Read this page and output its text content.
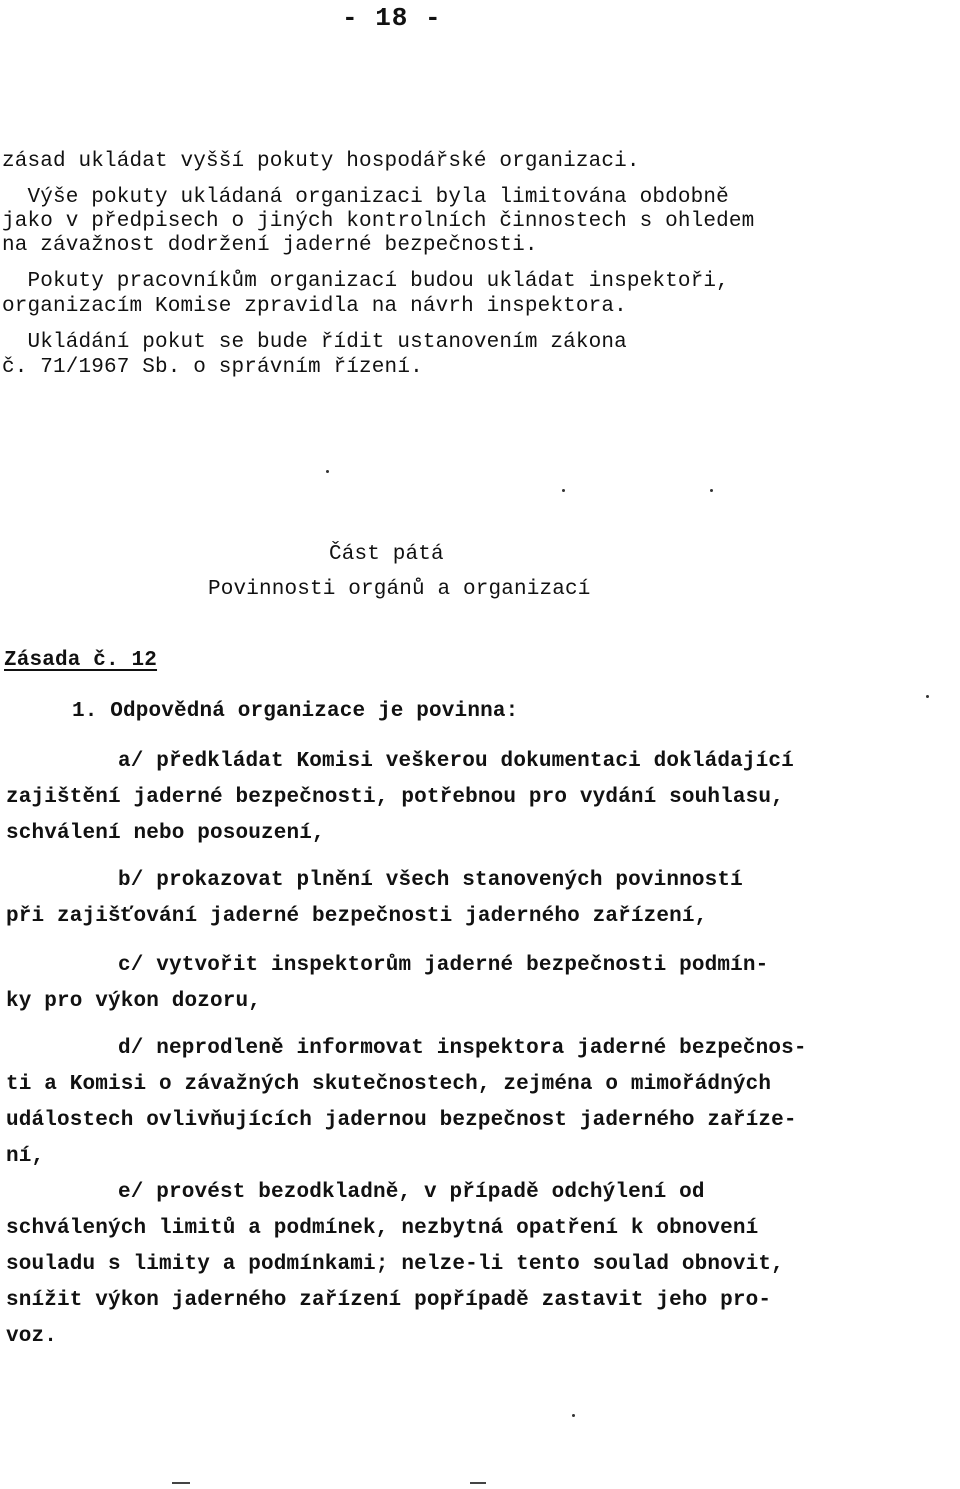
- 18 -
zásad ukládat vyšší pokuty hospodářské organizaci.
Výše pokuty ukládaná organizaci byla limitována obdobně
jako v předpisech o jiných kontrolních činnostech s ohledem
na závažnost dodržení jaderné bezpečnosti.
Pokuty pracovníkům organizací budou ukládat inspektoři,
organizacím Komise zpravidla na návrh inspektora.
Ukládání pokut se bude řídit ustanovením zákona
č. 71/1967 Sb. o správním řízení.
Část pátá
Povinnosti orgánů a organizací
Zásada č. 12
1. Odpovědná organizace je povinna:
a/ předkládat Komisi veškerou dokumentaci dokládající
zajištění jaderné bezpečnosti, potřebnou pro vydání souhlasu,
schválení nebo posouzení,
b/ prokazovat plnění všech stanovených povinností
při zajišťování jaderné bezpečnosti jaderného zařízení,
c/ vytvořit inspektorům jaderné bezpečnosti podmín-
ky pro výkon dozoru,
d/ neprodleně informovat inspektora jaderné bezpečnos-
ti a Komisi o závažných skutečnostech, zejména o mimořádných
událostech ovlivňujících jadernou bezpečnost jaderného zaříze-
ní,
e/ provést bezodkladně, v případě odchýlení od
schválených limitů a podmínek, nezbytná opatření k obnovení
souladu s limity a podmínkami; nelze-li tento soulad obnovit,
snížit výkon jaderného zařízení popřípadě zastavit jeho pro-
voz.
